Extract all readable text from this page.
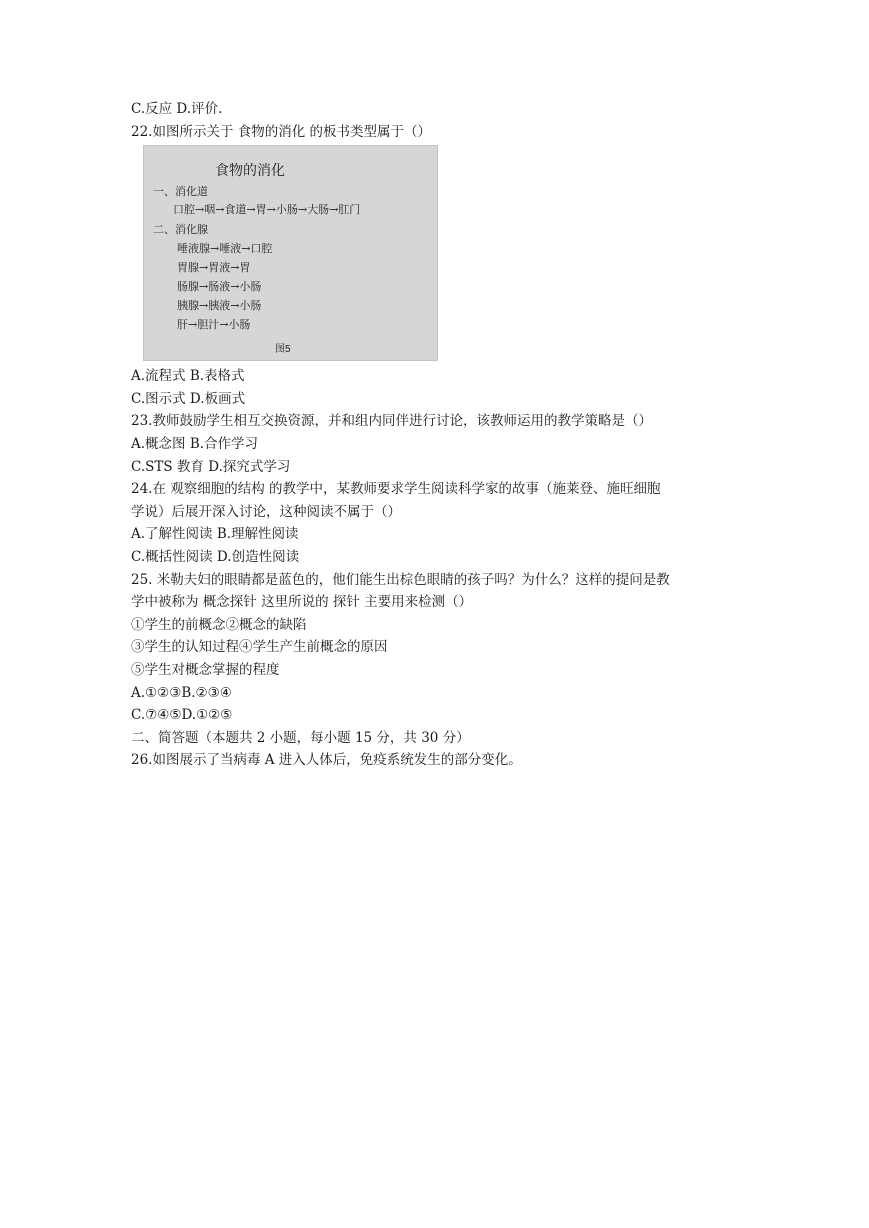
C.反应 D.评价.
22.如图所示关于 食物的消化 的板书类型属于（）
食物的消化
一、消化道
口腔→咽→食道→胃→小肠→大肠→肛门
二、消化腺
唾液腺→唾液→口腔
胃腺→胃液→胃
肠腺→肠液→小肠
胰腺→胰液→小肠
肝→胆汁→小肠
图5
A.流程式 B.表格式
C.图示式 D.板画式
23.教师鼓励学生相互交换资源，并和组内同伴进行讨论，该教师运用的教学策略是（）
A.概念图 B.合作学习
C.STS 教育 D.探究式学习
24.在 观察细胞的结构 的教学中，某教师要求学生阅读科学家的故事（施莱登、施旺细胞
学说）后展开深入讨论，这种阅读不属于（）
A.了解性阅读 B.理解性阅读
C.概括性阅读 D.创造性阅读
25. 米勒夫妇的眼睛都是蓝色的，他们能生出棕色眼睛的孩子吗？为什么？这样的提问是教
学中被称为 概念探针 这里所说的 探针 主要用来检测（）
①学生的前概念②概念的缺陷
③学生的认知过程④学生产生前概念的原因
⑤学生对概念掌握的程度
A.①②③B.②③④
C.⑦④⑤D.①②⑤
二、简答题（本题共 2 小题，每小题 15 分，共 30 分）
26.如图展示了当病毒 A 进入人体后，免疫系统发生的部分变化。
